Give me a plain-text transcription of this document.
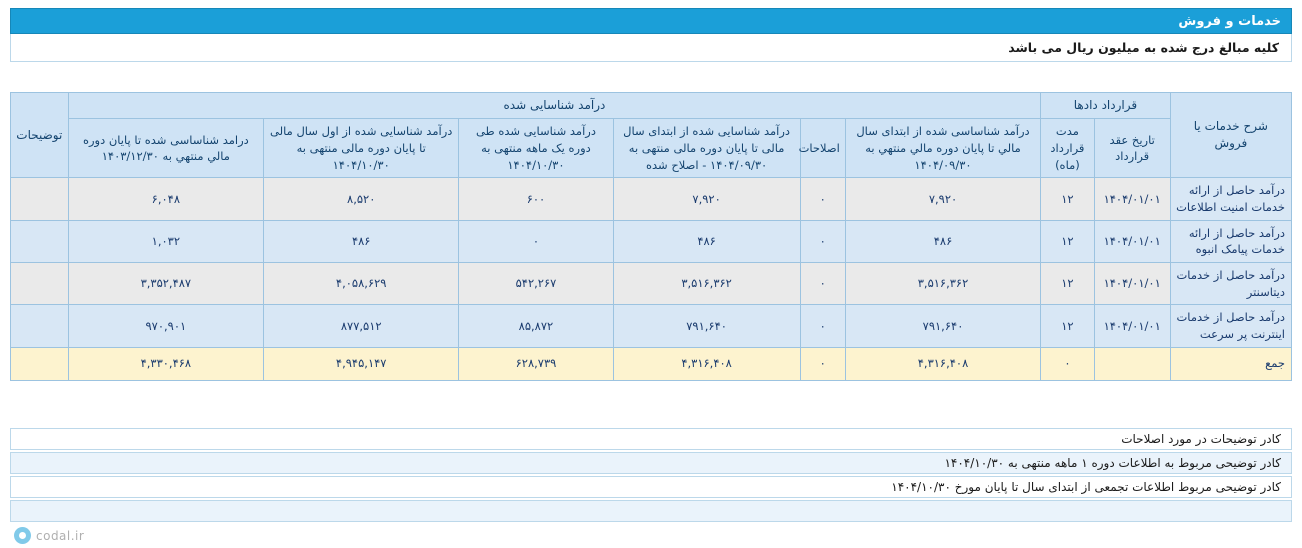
خدمات و فروش
کلیه مبالغ درج شده به میلیون ریال می باشد
شرح خدمات یا فروش	قرارداد دادها		درآمد شناسایی شده						توضیحات
	تاریخ عقد قرارداد	مدت قرارداد (ماه)	درآمد شناساسی شده از ابتدای سال مالي تا پايان دوره مالي منتهي به ۱۴۰۴/۰۹/۳۰	اصلاحات	درآمد شناسایی شده از ابتدای سال مالی تا پایان دوره مالی منتهی به ۱۴۰۴/۰۹/۳۰ - اصلاح شده	درآمد شناسایی شده طی دوره یک ماهه منتهی به ۱۴۰۴/۱۰/۳۰	درآمد شناسایی شده از اول سال مالی تا پایان دوره مالی منتهی به ۱۴۰۴/۱۰/۳۰	درامد شناساسی شده تا پایان دوره مالي منتهي به ۱۴۰۳/۱۲/۳۰	
درآمد حاصل از ارائه خدمات امنیت اطلاعات	۱۴۰۴/۰۱/۰۱	۱۲	۷,۹۲۰	۰	۷,۹۲۰	۶۰۰	۸,۵۲۰	۶,۰۴۸	
درآمد حاصل از ارائه خدمات پیامک انبوه	۱۴۰۴/۰۱/۰۱	۱۲	۴۸۶	۰	۴۸۶	۰	۴۸۶	۱,۰۳۲	
درآمد حاصل از خدمات دیتاسنتر	۱۴۰۴/۰۱/۰۱	۱۲	۳,۵۱۶,۳۶۲	۰	۳,۵۱۶,۳۶۲	۵۴۲,۲۶۷	۴,۰۵۸,۶۲۹	۳,۳۵۲,۴۸۷	
درآمد حاصل از خدمات اینترنت پر سرعت	۱۴۰۴/۰۱/۰۱	۱۲	۷۹۱,۶۴۰	۰	۷۹۱,۶۴۰	۸۵,۸۷۲	۸۷۷,۵۱۲	۹۷۰,۹۰۱	
جمع		۰	۴,۳۱۶,۴۰۸	۰	۴,۳۱۶,۴۰۸	۶۲۸,۷۳۹	۴,۹۴۵,۱۴۷	۴,۳۳۰,۴۶۸	
کادر توضیحات در مورد اصلاحات
کادر توضیحی مربوط به اطلاعات دوره ۱ ماهه منتهی به ۱۴۰۴/۱۰/۳۰
کادر توضیحی مربوط اطلاعات تجمعی از ابتدای سال تا پایان مورخ ۱۴۰۴/۱۰/۳۰
codal.ir
